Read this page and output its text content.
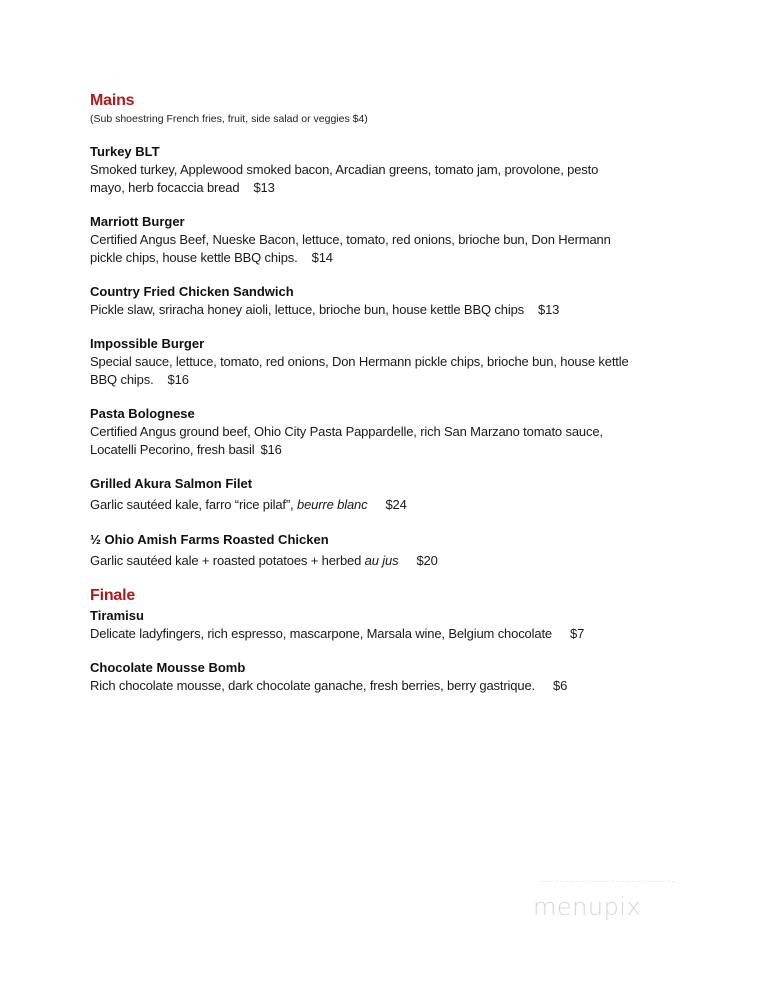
Mains
(Sub shoestring French fries, fruit, side salad or veggies $4)
Turkey BLT
Smoked turkey, Applewood smoked bacon, Arcadian greens, tomato jam, provolone, pesto
mayo, herb focaccia bread $13
Marriott Burger
Certified Angus Beef, Nueske Bacon, lettuce, tomato, red onions, brioche bun, Don Hermann
pickle chips, house kettle BBQ chips. $14
Country Fried Chicken Sandwich
Pickle slaw, sriracha honey aioli, lettuce, brioche bun, house kettle BBQ chips $13
Impossible Burger
Special sauce, lettuce, tomato, red onions, Don Hermann pickle chips, brioche bun, house kettle
BBQ chips. $16
Pasta Bolognese
Certified Angus ground beef, Ohio City Pasta Pappardelle, rich San Marzano tomato sauce,
Locatelli Pecorino, fresh basil $16
Grilled Akura Salmon Filet
Garlic sautéed kale, farro “rice pilaf”, beurre blanc $24
½ Ohio Amish Farms Roasted Chicken
Garlic sautéed kale + roasted potatoes + herbed au jus $20
Finale
Tiramisu
Delicate ladyfingers, rich espresso, mascarpone, Marsala wine, Belgium chocolate $7
Chocolate Mousse Bomb
Rich chocolate mousse, dark chocolate ganache, fresh berries, berry gastrique. $6
menupix
